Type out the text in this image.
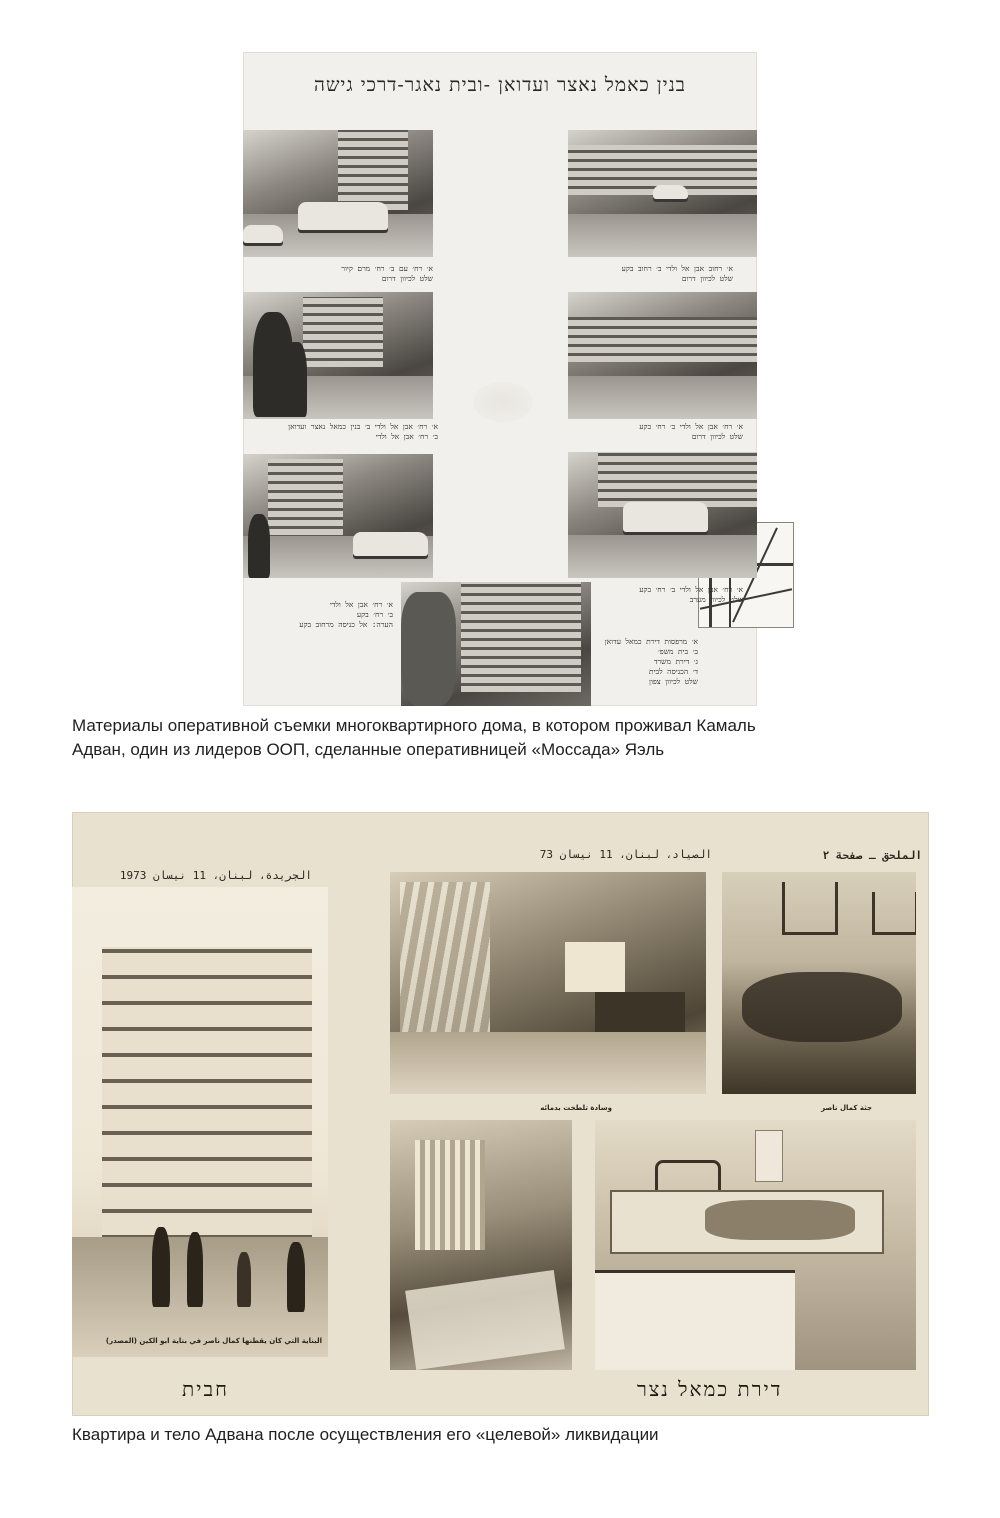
בנין כאמל נאצר ועדואן -ובית נאגר-דרכי גישה
א׳ רח׳ עם ב׳ רח׳ מרם קיור
שלט לכיוון דרום
א׳ רחוב אבן אל ולדי ב׳ רחוב בקע
שלט לכיוון דרום
א׳ רח׳ אבן אל ולדי ב׳ בנין כמאל נאצר ועדואן
ב׳ רח׳ אבן אל ולדי
א׳ רח׳ אבן אל ולדי ב׳ רח׳ בקע
שלט לכיוון דרום
א׳ רח׳ אבן אל ולדי
ב׳ רח׳ בקע
הערה: אל כניסה מרחוב בקע
א׳ רח׳ אבן אל ולדי ב׳ רח׳ בקע
שלט לכיוון מערב
א׳ מרפסות דירת כמאל עדואן
ב׳ בית משפ׳
ג׳ דירת משרד
ד׳ הכניסה לבית
שלט לכיוון צפון
Материалы оперативной съемки многоквартирного дома, в котором проживал Камаль
Адван, один из лидеров ООП, сделанные оперативницей «Моссада» Яэль
الجريدة، لبنان، 11 نيسان 1973
الصياد، لبنان، 11 نيسان 73	الملحق ـ صفحة ٢
البناية التي كان يقطنها كمال ناصر في بناية ابو الكين (المصدر)
חבית
وسادة تلطخت بدمائه	جثة كمال ناصر
דירת כמאל נצר
Квартира и тело Адвана после осуществления его «целевой» ликвидации
